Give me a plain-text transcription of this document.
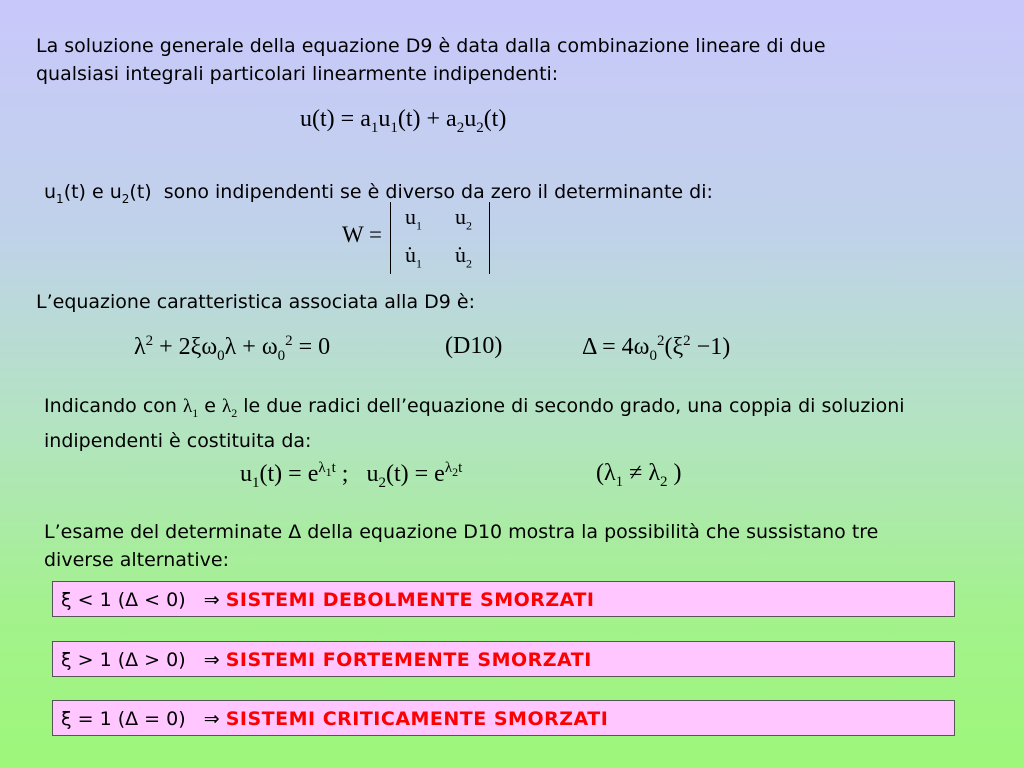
La soluzione generale della equazione D9 è data dalla combinazione lineare di due
qualsiasi integrali particolari linearmente indipendenti:
$u(t) = a_1u_1(t) + a_2u_2(t)$
$u_1(t)$ e $u_2(t)$  sono indipendenti se è diverso da zero il determinante di:
W =
$u_1$ $u_2$
$u̇_1$ $u̇_2$
L’equazione caratteristica associata alla D9 è:
$\lambda^2 + 2\xi\omega_0\lambda + \omega_0^2 = 0$	(D10)	$\Delta = 4\omega_0^2(\xi^2 -1)$
Indicando con $\lambda_1$ e $\lambda_2$ le due radici dell’equazione di secondo grado, una coppia di soluzioni
indipendenti è costituita da:
$u_1(t) = e^{\lambda_1t}$ ;   $u_2(t) = e^{\lambda_2t}$	($\lambda_1 \ne \lambda_2$ )
L’esame del determinate Δ della equazione D10 mostra la possibilità che sussistano tre
diverse alternative:
ξ < 1 (Δ < 0) ⇒ SISTEMI DEBOLMENTE SMORZATI
ξ > 1 (Δ > 0) ⇒ SISTEMI FORTEMENTE SMORZATI
ξ = 1 (Δ = 0) ⇒ SISTEMI CRITICAMENTE SMORZATI
